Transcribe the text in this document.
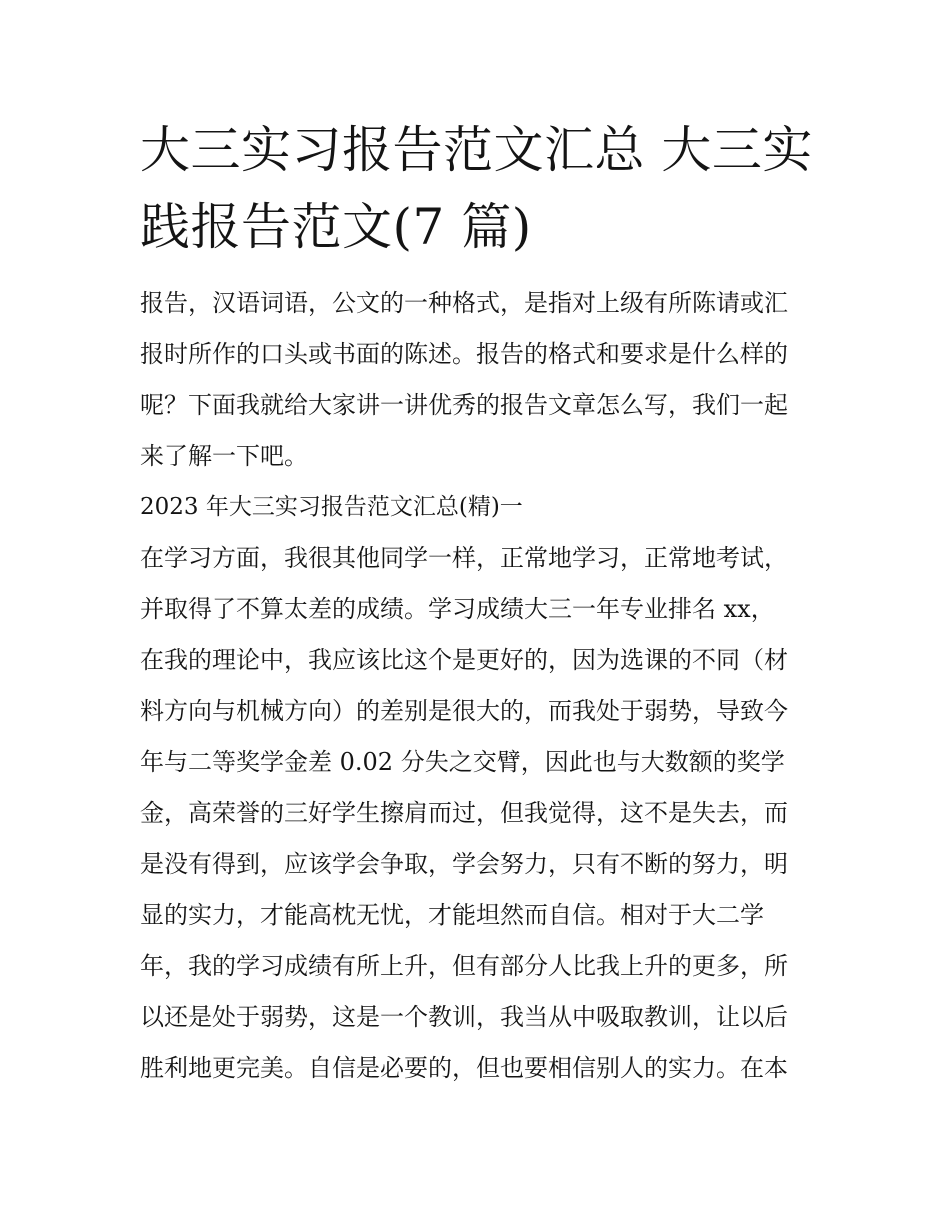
大三实习报告范文汇总 大三实
践报告范文(7 篇)
报告，汉语词语，公文的一种格式，是指对上级有所陈请或汇
报时所作的口头或书面的陈述。报告的格式和要求是什么样的
呢？下面我就给大家讲一讲优秀的报告文章怎么写，我们一起
来了解一下吧。
2023 年大三实习报告范文汇总(精)一
在学习方面，我很其他同学一样，正常地学习，正常地考试，
并取得了不算太差的成绩。学习成绩大三一年专业排名 xx，
在我的理论中，我应该比这个是更好的，因为选课的不同（材
料方向与机械方向）的差别是很大的，而我处于弱势，导致今
年与二等奖学金差 0.02 分失之交臂，因此也与大数额的奖学
金，高荣誉的三好学生擦肩而过，但我觉得，这不是失去，而
是没有得到，应该学会争取，学会努力，只有不断的努力，明
显的实力，才能高枕无忧，才能坦然而自信。相对于大二学
年，我的学习成绩有所上升，但有部分人比我上升的更多，所
以还是处于弱势，这是一个教训，我当从中吸取教训，让以后
胜利地更完美。自信是必要的，但也要相信别人的实力。在本
